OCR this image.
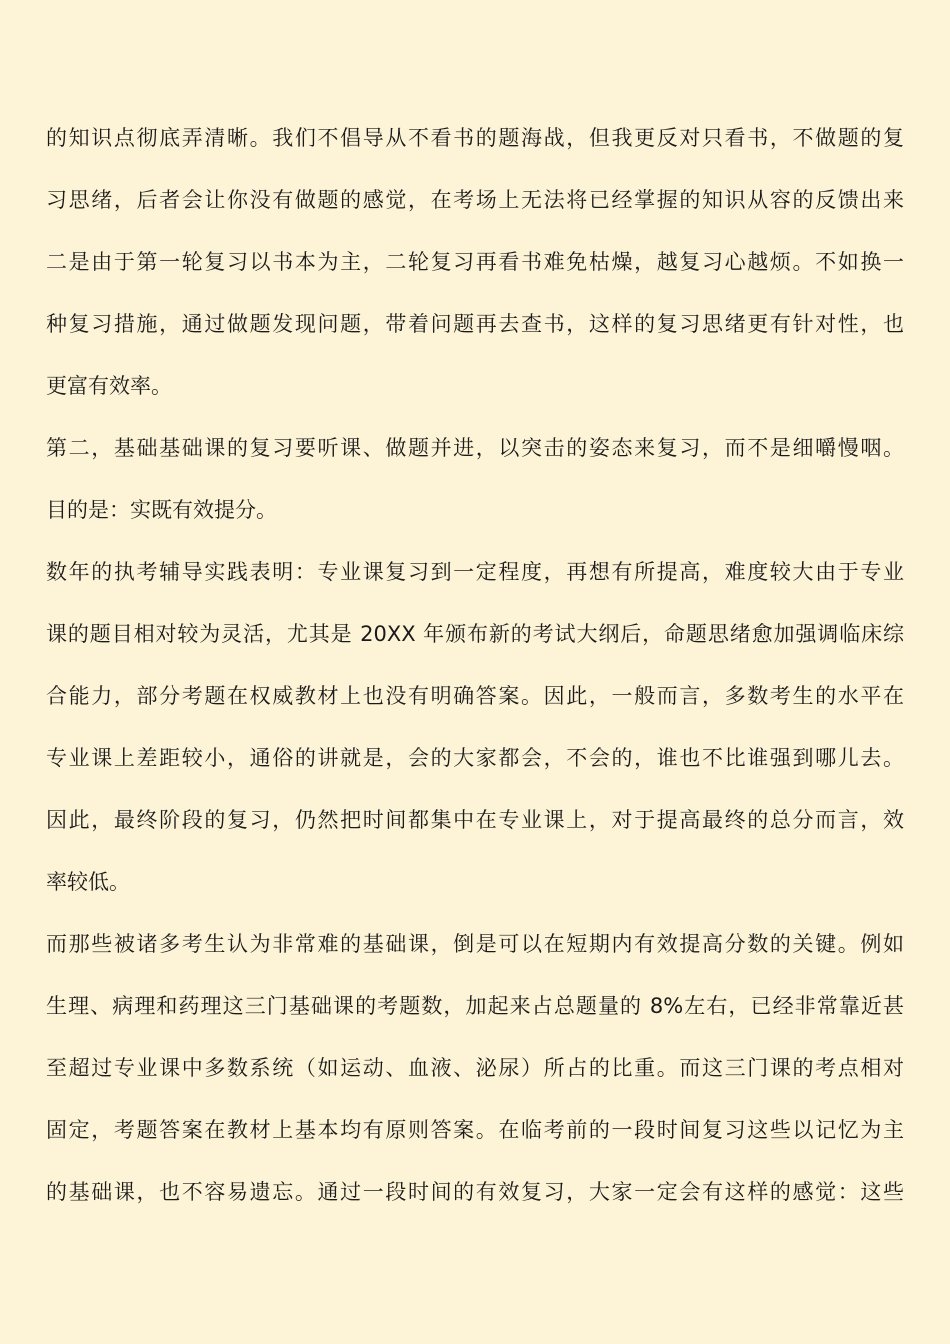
的知识点彻底弄清晰。我们不倡导从不看书的题海战，但我更反对只看书，不做题的复
习思绪，后者会让你没有做题的感觉，在考场上无法将已经掌握的知识从容的反馈出来
二是由于第一轮复习以书本为主，二轮复习再看书难免枯燥，越复习心越烦。不如换一
种复习措施，通过做题发现问题，带着问题再去查书，这样的复习思绪更有针对性，也
更富有效率。
第二，基础基础课的复习要听课、做题并进，以突击的姿态来复习，而不是细嚼慢咽。
目的是：实既有效提分。
数年的执考辅导实践表明：专业课复习到一定程度，再想有所提高，难度较大由于专业
课的题目相对较为灵活，尤其是 20XX 年颁布新的考试大纲后，命题思绪愈加强调临床综
合能力，部分考题在权威教材上也没有明确答案。因此，一般而言，多数考生的水平在
专业课上差距较小，通俗的讲就是，会的大家都会，不会的，谁也不比谁强到哪儿去。
因此，最终阶段的复习，仍然把时间都集中在专业课上，对于提高最终的总分而言，效
率较低。
而那些被诸多考生认为非常难的基础课，倒是可以在短期内有效提高分数的关键。例如
生理、病理和药理这三门基础课的考题数，加起来占总题量的 8%左右，已经非常靠近甚
至超过专业课中多数系统（如运动、血液、泌尿）所占的比重。而这三门课的考点相对
固定，考题答案在教材上基本均有原则答案。在临考前的一段时间复习这些以记忆为主
的基础课，也不容易遗忘。通过一段时间的有效复习，大家一定会有这样的感觉：这些
